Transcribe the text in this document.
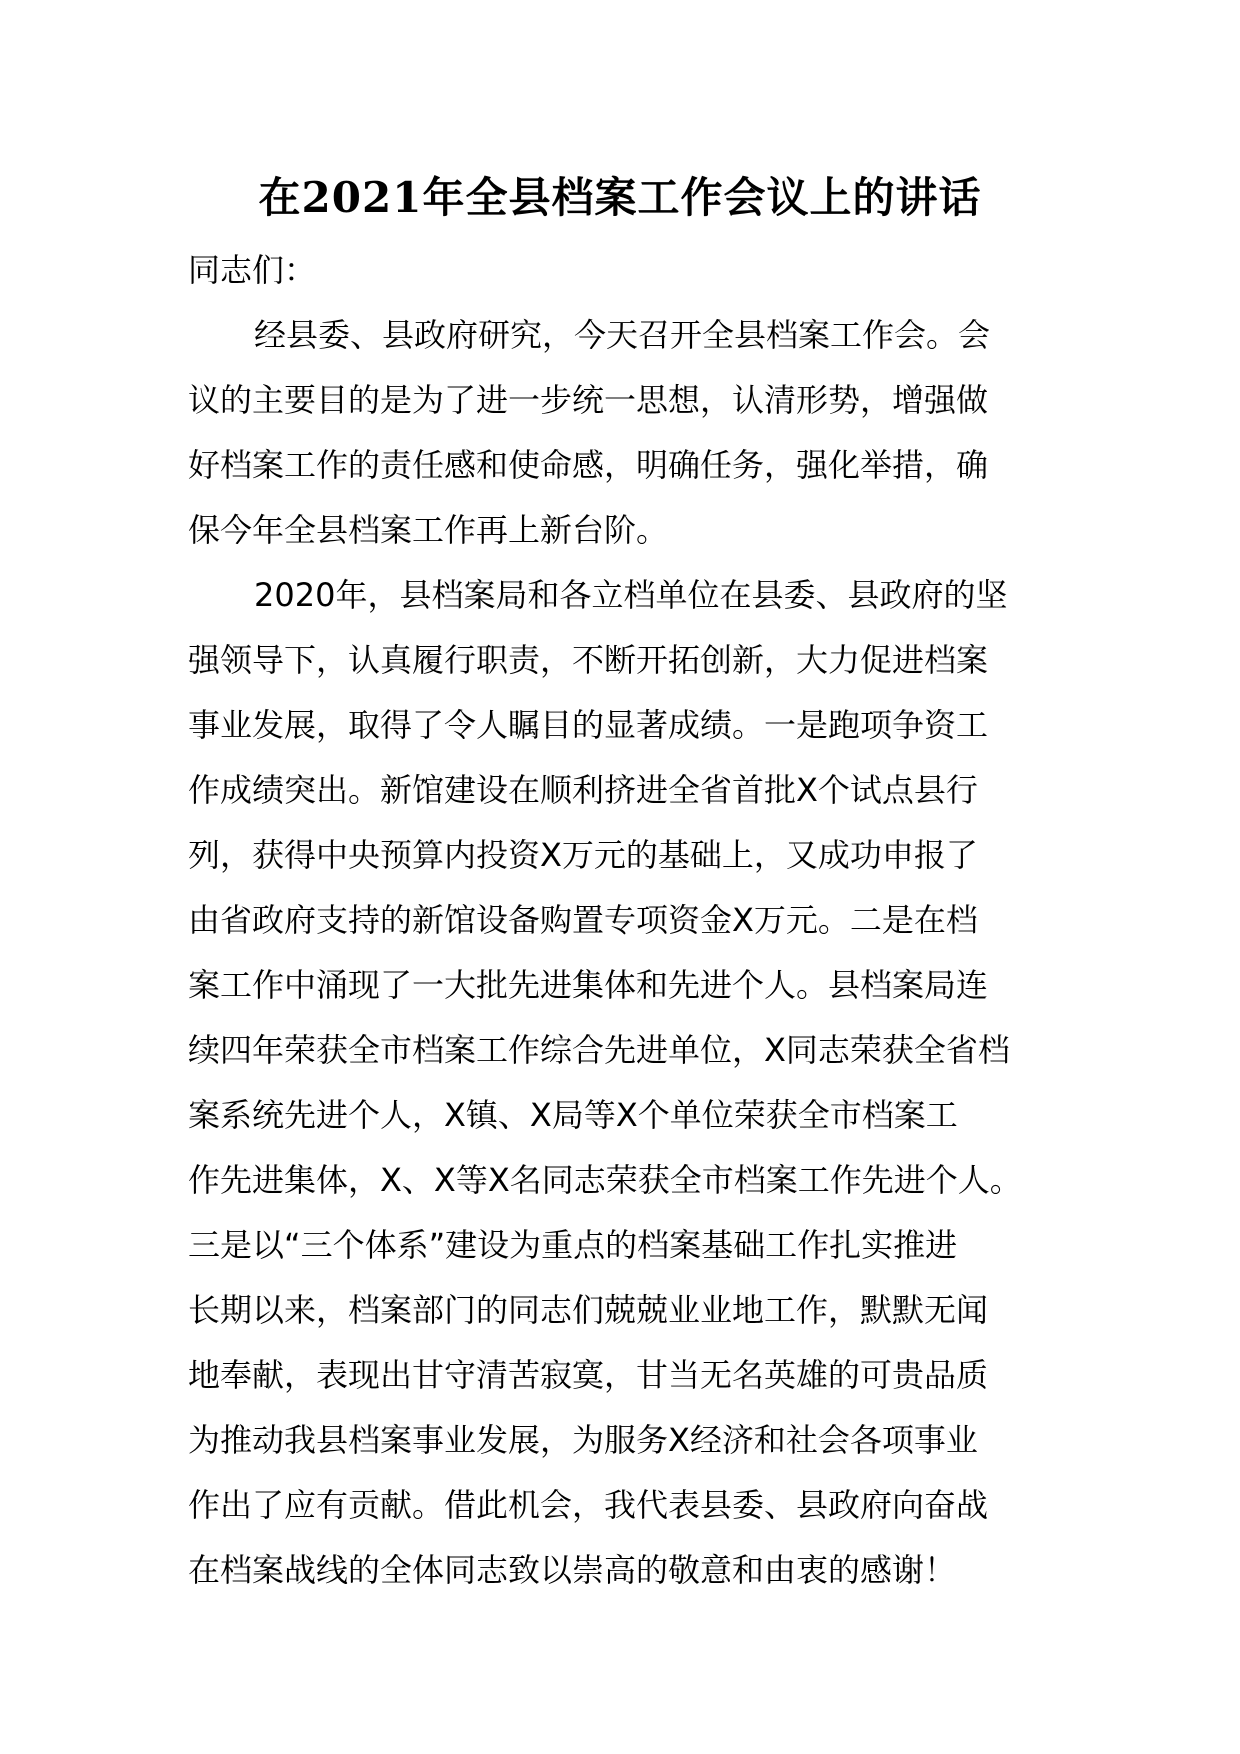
在2021年全县档案工作会议上的讲话
同志们：
经县委、县政府研究，今天召开全县档案工作会。会
议的主要目的是为了进一步统一思想，认清形势，增强做
好档案工作的责任感和使命感，明确任务，强化举措，确
保今年全县档案工作再上新台阶。
2020年，县档案局和各立档单位在县委、县政府的坚
强领导下，认真履行职责，不断开拓创新，大力促进档案
事业发展，取得了令人瞩目的显著成绩。一是跑项争资工
作成绩突出。新馆建设在顺利挤进全省首批X个试点县行
列，获得中央预算内投资X万元的基础上，又成功申报了
由省政府支持的新馆设备购置专项资金X万元。二是在档
案工作中涌现了一大批先进集体和先进个人。县档案局连
续四年荣获全市档案工作综合先进单位，X同志荣获全省档
案系统先进个人，X镇、X局等X个单位荣获全市档案工
作先进集体，X、X等X名同志荣获全市档案工作先进个人。
三是以“三个体系”建设为重点的档案基础工作扎实推进
长期以来，档案部门的同志们兢兢业业地工作，默默无闻
地奉献，表现出甘守清苦寂寞，甘当无名英雄的可贵品质
为推动我县档案事业发展，为服务X经济和社会各项事业
作出了应有贡献。借此机会，我代表县委、县政府向奋战
在档案战线的全体同志致以崇高的敬意和由衷的感谢！
